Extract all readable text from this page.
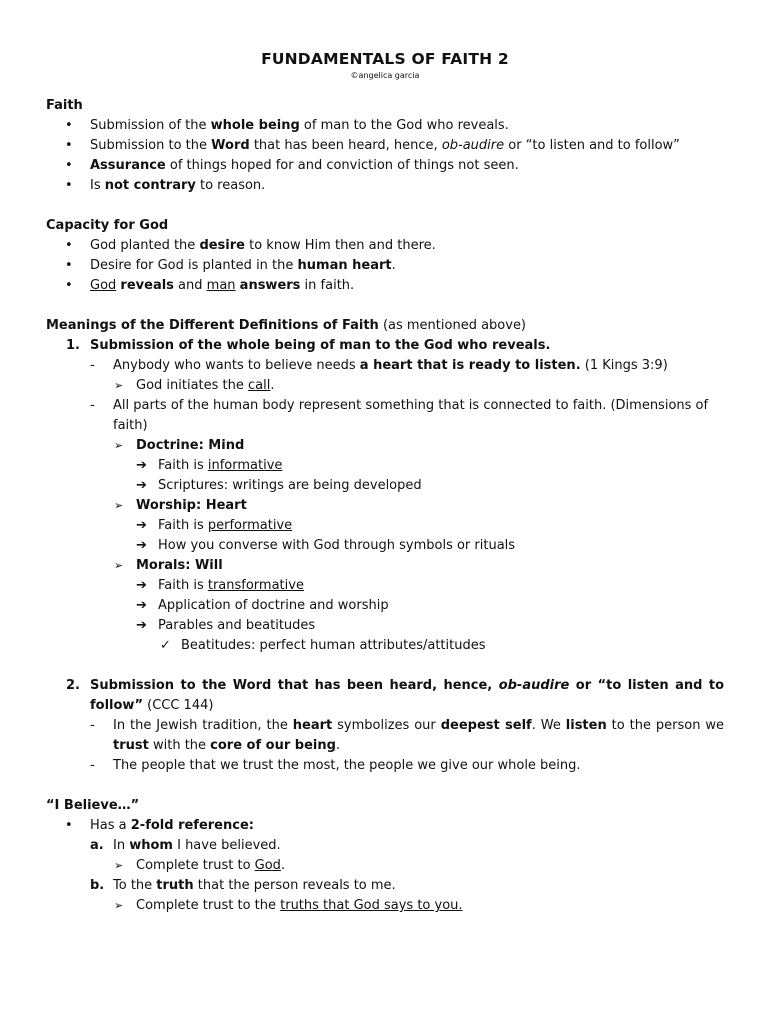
FUNDAMENTALS OF FAITH 2

©angelica garcia

Faith

• Submission of the whole being of man to the God who reveals.
• Submission to the Word that has been heard, hence, ob-audire or “to listen and to follow”
• Assurance of things hoped for and conviction of things not seen.
• Is not contrary to reason.

Capacity for God

• God planted the desire to know Him then and there.
• Desire for God is planted in the human heart.
• God reveals and man answers in faith.

Meanings of the Different Definitions of Faith (as mentioned above)

1. Submission of the whole being of man to the God who reveals.
- Anybody who wants to believe needs a heart that is ready to listen. (1 Kings 3:9)
➢ God initiates the call.
- All parts of the human body represent something that is connected to faith. (Dimensions of faith)
➢ Doctrine: Mind
➔ Faith is informative
➔ Scriptures: writings are being developed
➢ Worship: Heart
➔ Faith is performative
➔ How you converse with God through symbols or rituals
➢ Morals: Will
➔ Faith is transformative
➔ Application of doctrine and worship
➔ Parables and beatitudes
✓ Beatitudes: perfect human attributes/attitudes
2. Submission to the Word that has been heard, hence, ob-audire or “to listen and to follow” (CCC 144)
- In the Jewish tradition, the heart symbolizes our deepest self. We listen to the person we trust with the core of our being.
- The people that we trust the most, the people we give our whole being.

“I Believe…”

• Has a 2-fold reference:
a. In whom I have believed.
➢ Complete trust to God.
b. To the truth that the person reveals to me.
➢ Complete trust to the truths that God says to you.
